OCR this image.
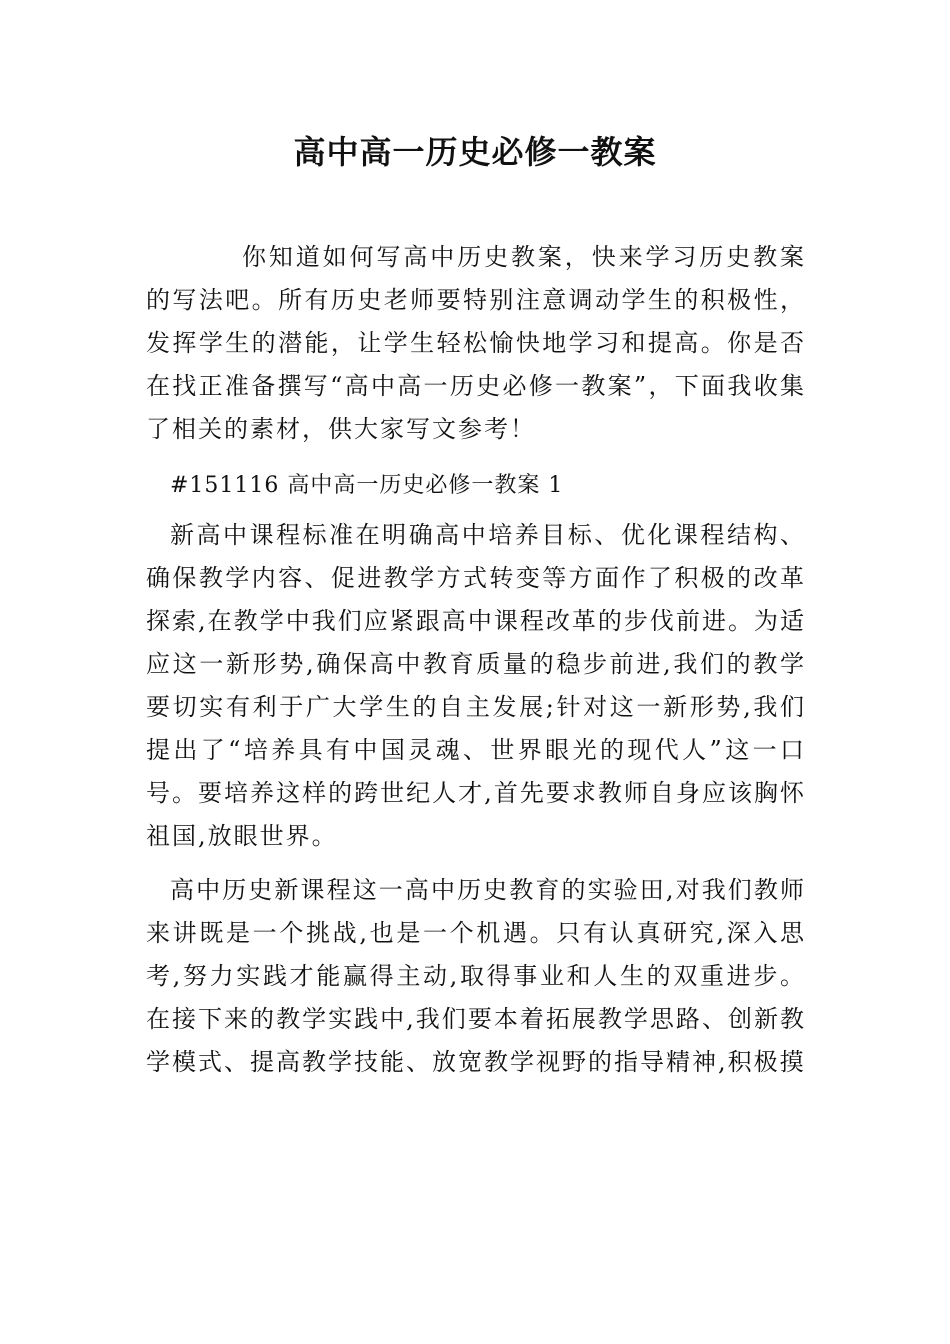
高中高一历史必修一教案

你知道如何写高中历史教案，快来学习历史教案的写法吧。所有历史老师要特别注意调动学生的积极性，发挥学生的潜能，让学生轻松愉快地学习和提高。你是否在找正准备撰写“高中高一历史必修一教案”，下面我收集了相关的素材，供大家写文参考！

#151116 高中高一历史必修一教案 1

新高中课程标准在明确高中培养目标、优化课程结构、确保教学内容、促进教学方式转变等方面作了积极的改革探索,在教学中我们应紧跟高中课程改革的步伐前进。为适应这一新形势,确保高中教育质量的稳步前进,我们的教学要切实有利于广大学生的自主发展;针对这一新形势,我们提出了“培养具有中国灵魂、世界眼光的现代人”这一口号。要培养这样的跨世纪人才,首先要求教师自身应该胸怀祖国,放眼世界。

高中历史新课程这一高中历史教育的实验田,对我们教师来讲既是一个挑战,也是一个机遇。只有认真研究,深入思考,努力实践才能赢得主动,取得事业和人生的双重进步。在接下来的教学实践中,我们要本着拓展教学思路、创新教学模式、提高教学技能、放宽教学视野的指导精神,积极摸
